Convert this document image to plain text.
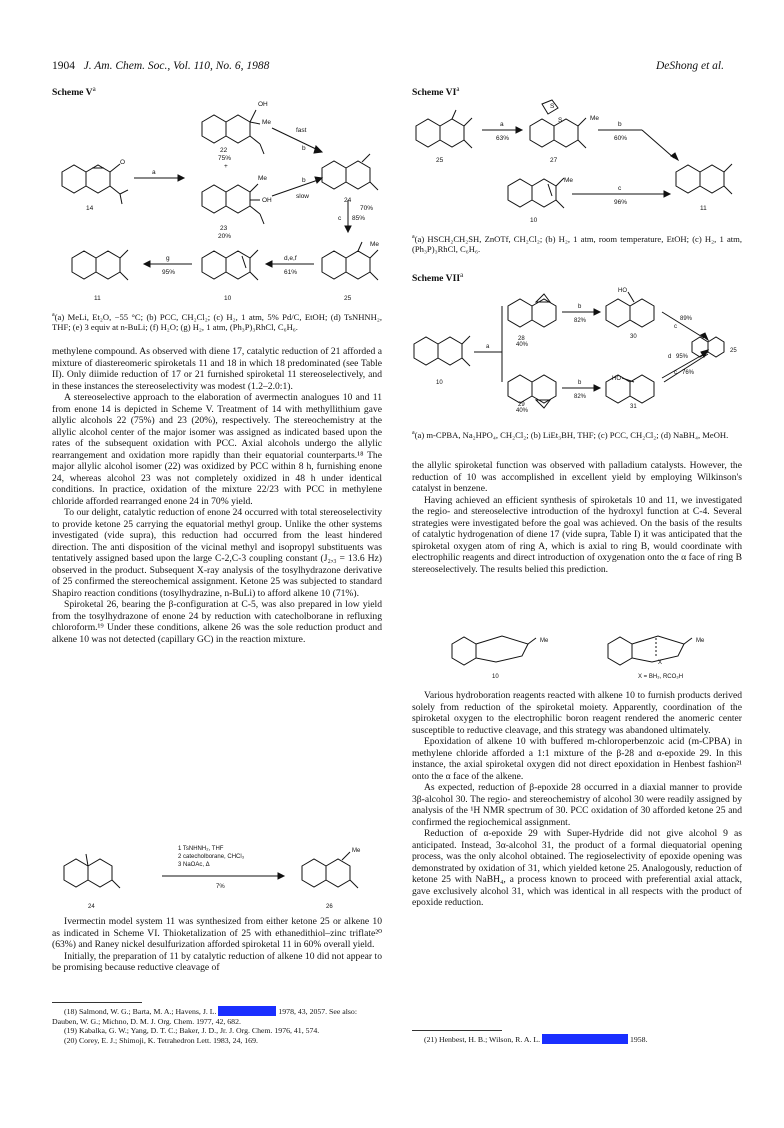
1904 J. Am. Chem. Soc., Vol. 110, No. 6, 1988	DeShong et al.
Scheme $V^a$
OH
Me
Me
OH
O
Me
14
a
22
75%
+
23
20%
fast
b
slow
b
24
70%
c 85%
25
d,e,f
61%
10
g
95%
11
$^a$(a) MeLi, Et₂O, −55 °C; (b) PCC, CH₂Cl₂; (c) H₂, 1 atm, 5% Pd/C, EtOH; (d) TsNHNH₂, THF; (e) 3 equiv at n-BuLi; (f) H₂O; (g) H₂, 1 atm, (Ph₃P)₃RhCl, C₆H₆.

methylene compound. As observed with diene 17, catalytic reduction of 21 afforded a mixture of diastereomeric spiroketals 11 and 18 in which 18 predominated (see Table II). Only diimide reduction of 17 or 21 furnished spiroketal 11 stereoselectively, and in these instances the stereoselectivity was modest (1.2–2.0:1).

A stereoselective approach to the elaboration of avermectin analogues 10 and 11 from enone 14 is depicted in Scheme V. Treatment of 14 with methyllithium gave allylic alcohols 22 (75%) and 23 (20%), respectively. The stereochemistry at the allylic alcohol center of the major isomer was assigned as indicated based upon the rates of the subsequent oxidation with PCC. Axial alcohols undergo the allylic rearrangement and oxidation more rapidly than their equatorial counterparts.¹⁸ The major allylic alcohol isomer (22) was oxidized by PCC within 8 h, furnishing enone 24, whereas alcohol 23 was not completely oxidized in 48 h under identical conditions. In practice, oxidation of the mixture 22/23 with PCC in methylene chloride afforded rearranged enone 24 in 70% yield.

To our delight, catalytic reduction of enone 24 occurred with total stereoselectivity to provide ketone 25 carrying the equatorial methyl group. Unlike the other systems investigated (vide supra), this reduction had occurred from the least hindered direction. The anti disposition of the vicinal methyl and isopropyl substituents was tentatively assigned based upon the large C-2,C-3 coupling constant (J₂,₃ = 13.6 Hz) observed in the product. Subsequent X-ray analysis of the tosylhydrazone derivative of 25 confirmed the stereochemical assignment. Ketone 25 was subjected to standard Shapiro reaction conditions (tosylhydrazine, n-BuLi) to afford alkene 10 (71%).

Spiroketal 26, bearing the β-configuration at C-5, was also prepared in low yield from the tosylhydrazone of enone 24 by reduction with catecholborane in refluxing chloroform.¹⁹ Under these conditions, alkene 26 was the sole reduction product and alkene 10 was not detected (capillary GC) in the reaction mixture.

1 TsNHNH₂, THF
2 catecholborane, CHCl₃
3 NaOAc, Δ
7%
24	26
Me

Ivermectin model system 11 was synthesized from either ketone 25 or alkene 10 as indicated in Scheme VI. Thioketalization of 25 with ethanedithiol–zinc triflate²⁰ (63%) and Raney nickel desulfurization afforded spiroketal 11 in 60% overall yield.

Initially, the preparation of 11 by catalytic reduction of alkene 10 did not appear to be promising because reductive cleavage of

(18) Salmond, W. G.; Barta, M. A.; Havens, J. L.	1978, 43, 2057. See also: Dauben, W. G.; Michno, D. M. J. Org. Chem. 1977, 42, 682.
(19) Kabalka, G. W.; Yang, D. T. C.; Baker, J. D., Jr. J. Org. Chem. 1976, 41, 574.
(20) Corey, E. J.; Shimoji, K. Tetrahedron Lett. 1983, 24, 169.
Scheme $VI^a$
25
a
63%
S
S	Me
27
b
60%
11
Me
10
c
96%
$^a$(a) HSCH₂CH₂SH, ZnOTf, CH₂Cl₂; (b) H₂, 1 atm, room temperature, EtOH; (c) H₂, 1 atm, (Ph₃P)₃RhCl, C₆H₆.
Scheme VII$^a$
10
a
28
40%
29
40%
b
82%
b
82%
HO
HO
30
31
89%
c
d 95%
c 76%
25
$^a$(a) m-CPBA, Na₂HPO₄, CH₂Cl₂; (b) LiEt₃BH, THF; (c) PCC, CH₂Cl₂; (d) NaBH₄, MeOH.

the allylic spiroketal function was observed with palladium catalysts. However, the reduction of 10 was accomplished in excellent yield by employing Wilkinson's catalyst in benzene.

Having achieved an efficient synthesis of spiroketals 10 and 11, we investigated the regio- and stereoselective introduction of the hydroxyl function at C-4. Several strategies were investigated before the goal was achieved. On the basis of the results of catalytic hydrogenation of diene 17 (vide supra, Table I) it was anticipated that the spiroketal oxygen atom of ring A, which is axial to ring B, would coordinate with electrophilic reagents and direct introduction of oxygenation onto the α face of ring B stereoselectively. The results belied this prediction.

Me	Me
X
10	X = BH₃, RCO₃H

Various hydroboration reagents reacted with alkene 10 to furnish products derived solely from reduction of the spiroketal moiety. Apparently, coordination of the spiroketal oxygen to the electrophilic boron reagent rendered the anomeric center susceptible to reductive cleavage, and this strategy was abandoned ultimately.

Epoxidation of alkene 10 with buffered m-chloroperbenzoic acid (m-CPBA) in methylene chloride afforded a 1:1 mixture of the β-28 and α-epoxide 29. In this instance, the axial spiroketal oxygen did not direct epoxidation in Henbest fashion²¹ onto the α face of the alkene.

As expected, reduction of β-epoxide 28 occurred in a diaxial manner to provide 3β-alcohol 30. The regio- and stereochemistry of alcohol 30 were readily assigned by analysis of the ¹H NMR spectrum of 30. PCC oxidation of 30 afforded ketone 25 and confirmed the regiochemical assignment.

Reduction of α-epoxide 29 with Super-Hydride did not give alcohol 9 as anticipated. Instead, 3α-alcohol 31, the product of a formal diequatorial opening process, was the only alcohol obtained. The regioselectivity of epoxide opening was demonstrated by oxidation of 31, which yielded ketone 25. Analogously, reduction of ketone 25 with NaBH₄, a process known to proceed with preferential axial attack, gave exclusively alcohol 31, which was identical in all respects with the product of epoxide reduction.

(21) Henbest, H. B.; Wilson, R. A. L.	1958.
